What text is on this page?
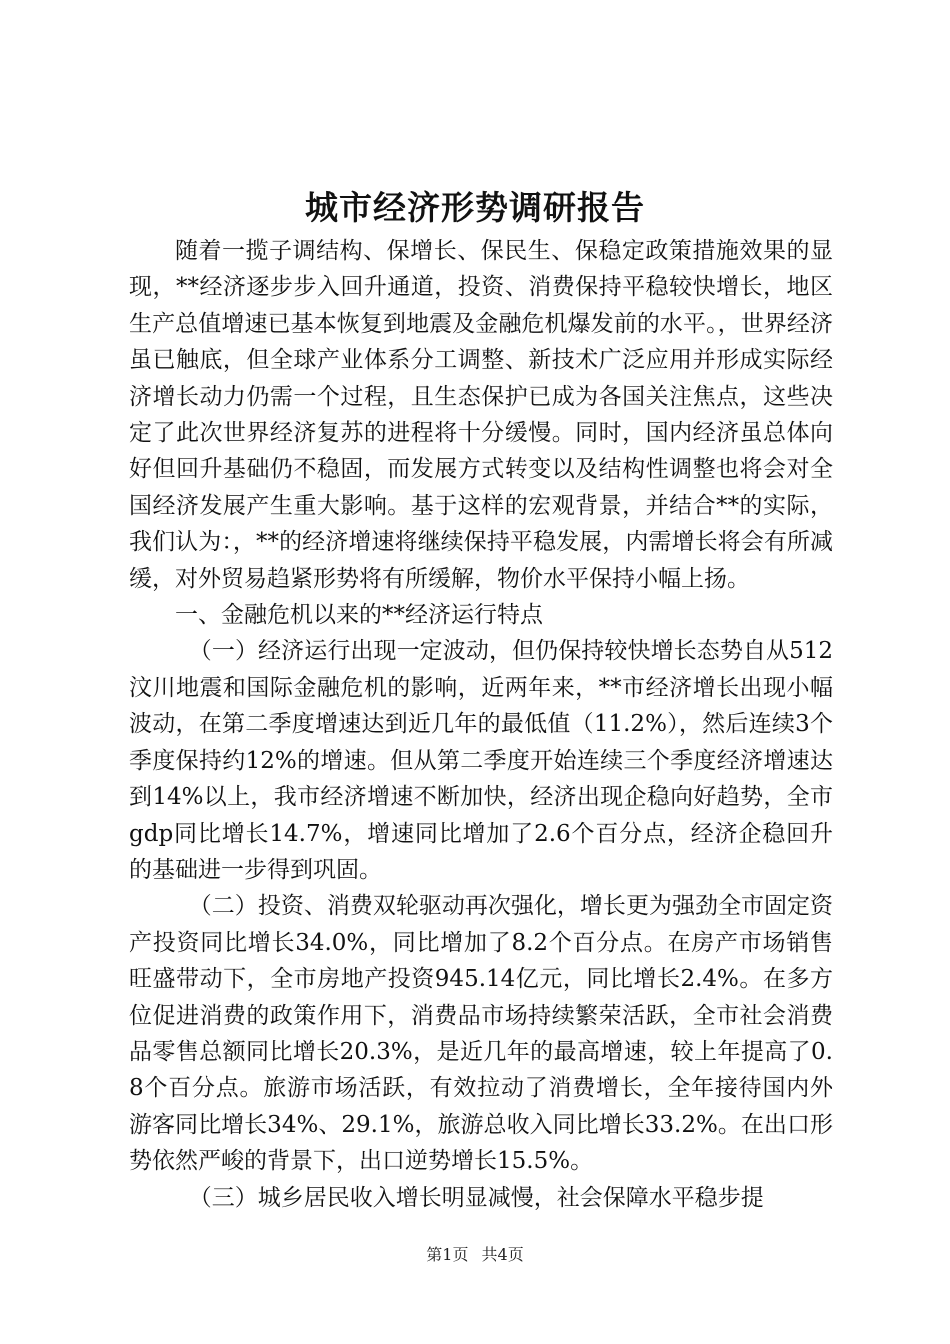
城市经济形势调研报告

随着一揽子调结构、保增长、保民生、保稳定政策措施效果的显现，**经济逐步步入回升通道，投资、消费保持平稳较快增长，地区生产总值增速已基本恢复到地震及金融危机爆发前的水平。，世界经济虽已触底，但全球产业体系分工调整、新技术广泛应用并形成实际经济增长动力仍需一个过程，且生态保护已成为各国关注焦点，这些决定了此次世界经济复苏的进程将十分缓慢。同时，国内经济虽总体向好但回升基础仍不稳固，而发展方式转变以及结构性调整也将会对全国经济发展产生重大影响。基于这样的宏观背景，并结合**的实际，我们认为：，**的经济增速将继续保持平稳发展，内需增长将会有所减缓，对外贸易趋紧形势将有所缓解，物价水平保持小幅上扬。

一、金融危机以来的**经济运行特点

（一）经济运行出现一定波动，但仍保持较快增长态势自从512汶川地震和国际金融危机的影响，近两年来，**市经济增长出现小幅波动，在第二季度增速达到近几年的最低值（11.2%），然后连续3个季度保持约12%的增速。但从第二季度开始连续三个季度经济增速达到14%以上，我市经济增速不断加快，经济出现企稳向好趋势，全市gdp同比增长14.7%，增速同比增加了2.6个百分点，经济企稳回升的基础进一步得到巩固。

（二）投资、消费双轮驱动再次强化，增长更为强劲全市固定资产投资同比增长34.0%，同比增加了8.2个百分点。在房产市场销售旺盛带动下，全市房地产投资945.14亿元，同比增长2.4%。在多方位促进消费的政策作用下，消费品市场持续繁荣活跃，全市社会消费品零售总额同比增长20.3%，是近几年的最高增速，较上年提高了0.8个百分点。旅游市场活跃，有效拉动了消费增长，全年接待国内外游客同比增长34%、29.1%，旅游总收入同比增长33.2%。在出口形势依然严峻的背景下，出口逆势增长15.5%。

（三）城乡居民收入增长明显减慢，社会保障水平稳步提

第1页 共4页
